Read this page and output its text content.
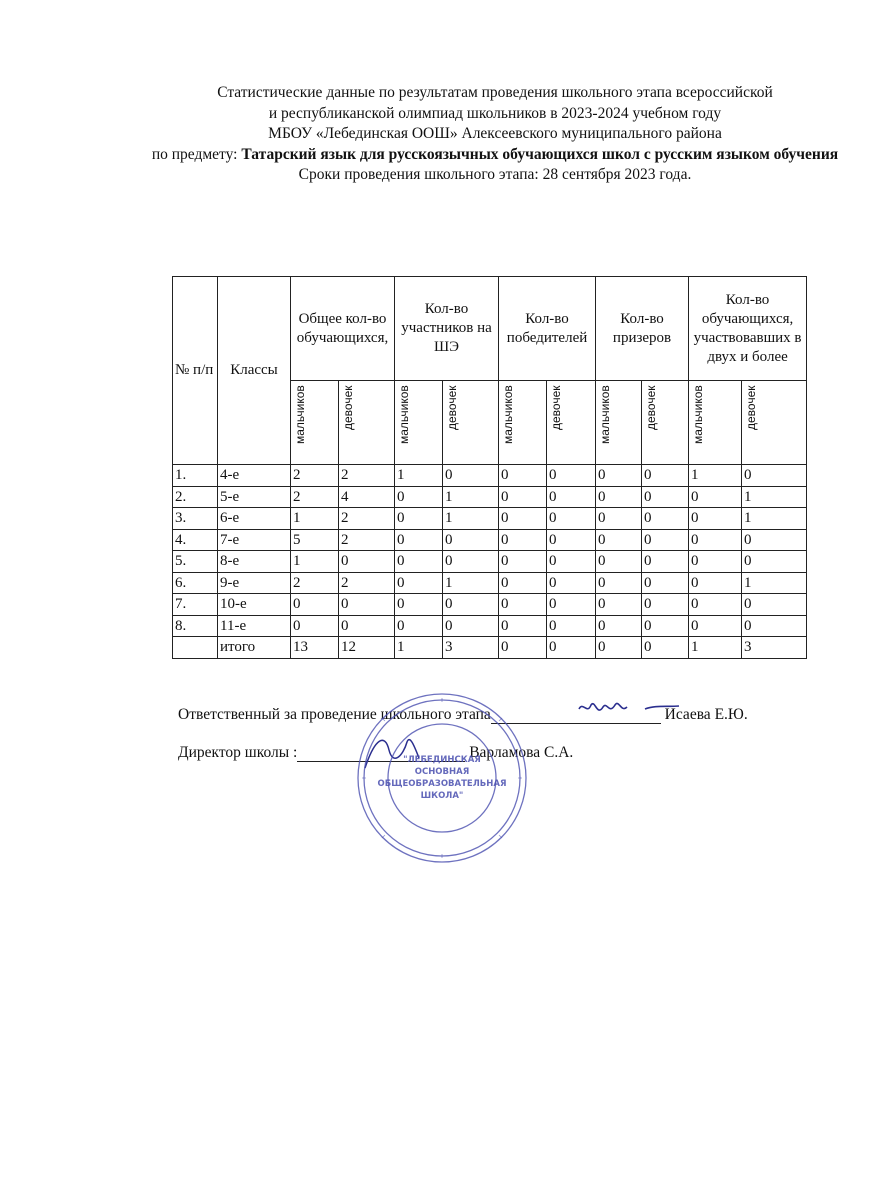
Статистические данные по результатам проведения школьного этапа всероссийской
и республиканской олимпиад школьников в 2023-2024 учебном году
МБОУ «Лебединская ООШ» Алексеевского муниципального района
по предмету: Татарский язык для русскоязычных обучающихся школ с русским языком обучения
Сроки проведения школьного этапа: 28 сентября 2023 года.
№ п/п	Классы	Общее кол-во обучающихся,		Кол-во участников на ШЭ		Кол-во победителей		Кол-во призеров		Кол-во обучающихся, участвовавших в двух и более	

		мальчиков	девочек	мальчиков	девочек	мальчиков	девочек	мальчиков	девочек	мальчиков	девочек

1.	4-е	2	2	1	0	0	0	0	0	1	0
2.	5-е	2	4	0	1	0	0	0	0	0	1
3.	6-е	1	2	0	1	0	0	0	0	0	1
4.	7-е	5	2	0	0	0	0	0	0	0	0
5.	8-е	1	0	0	0	0	0	0	0	0	0
6.	9-е	2	2	0	1	0	0	0	0	0	1
7.	10-е	0	0	0	0	0	0	0	0	0	0
8.	11-е	0	0	0	0	0	0	0	0	0	0
	итого	13	12	1	3	0	0	0	0	1	3
Ответственный за проведение школьного этапа	Исаева Е.Ю.
Директор школы :	Варламова С.А.
"ЛЕБЕДИНСКАЯ
ОСНОВНАЯ
ОБЩЕОБРАЗОВАТЕЛЬНАЯ
ШКОЛА"
